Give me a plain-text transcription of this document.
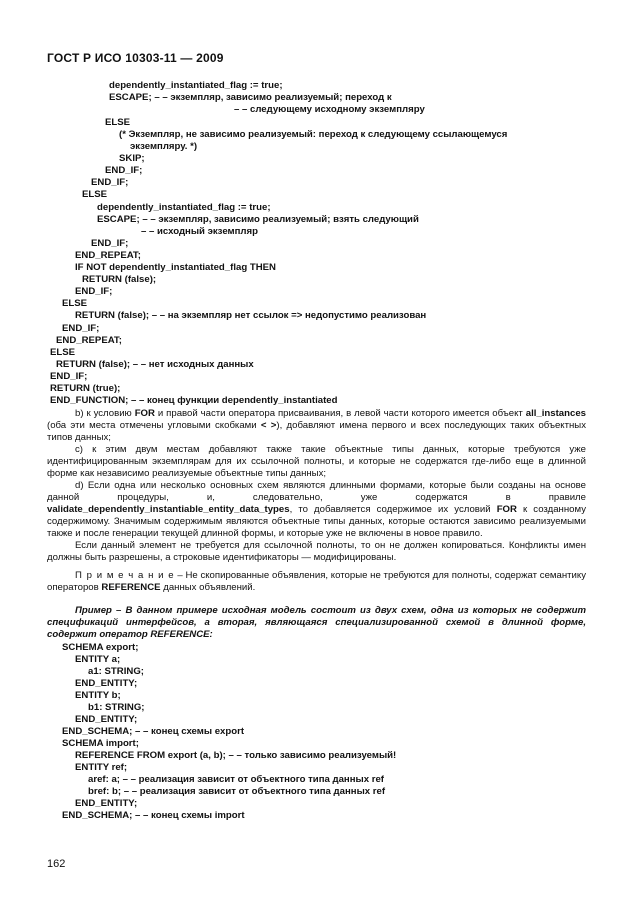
ГОСТ Р ИСО 10303-11 — 2009
dependently_instantiated_flag := true;
ESCAPE; – – экземпляр, зависимо реализуемый; переход к
– – следующему исходному экземпляру
ELSE
(* Экземпляр, не зависимо реализуемый: переход к следующему ссылающемуся
экземпляру. *)
SKIP;
END_IF;
END_IF;
ELSE
dependently_instantiated_flag := true;
ESCAPE; – – экземпляр, зависимо реализуемый; взять следующий
– – исходный экземпляр
END_IF;
END_REPEAT;
IF NOT dependently_instantiated_flag THEN
RETURN (false);
END_IF;
ELSE
RETURN (false); – – на экземпляр нет ссылок => недопустимо реализован
END_IF;
END_REPEAT;
ELSE
RETURN (false); – – нет исходных данных
END_IF;
RETURN (true);
END_FUNCTION; – – конец функции dependently_instantiated

b) к условию FOR и правой части оператора присваивания, в левой части которого имеется объект all_instances (оба эти места отмечены угловыми скобками < >), добавляют имена первого и всех последующих таких объектных типов данных;

c) к этим двум местам добавляют также такие объектные типы данных, которые требуются уже идентифицированным экземплярам для их ссылочной полноты, и которые не содержатся где-либо еще в длинной форме как независимо реализуемые объектные типы данных;

d) Если одна или несколько основных схем являются длинными формами, которые были созданы на основе данной процедуры, и, следовательно, уже содержатся в правиле validate_dependently_instantiable_entity_data_types, то добавляется содержимое их условий FOR к созданному содержимому. Значимым содержимым являются объектные типы данных, которые остаются зависимо реализуемыми также и после генерации текущей длинной формы, и которые уже не включены в новое правило.

Если данный элемент не требуется для ссылочной полноты, то он не должен копироваться. Конфликты имен должны быть разрешены, а строковые идентификаторы — модифицированы.

П р и м е ч а н и е – Не скопированные объявления, которые не требуются для полноты, содержат семантику операторов REFERENCE данных объявлений.

Пример – В данном примере исходная модель состоит из двух схем, одна из которых не содержит спецификаций интерфейсов, а вторая, являющаяся специализированной схемой в длинной форме, содержит оператор REFERENCE:

SCHEMA export;
ENTITY a;
a1: STRING;
END_ENTITY;
ENTITY b;
b1: STRING;
END_ENTITY;
END_SCHEMA; – – конец схемы export
SCHEMA import;
REFERENCE FROM export (a, b); – – только зависимо реализуемый!
ENTITY ref;
aref: a; – – реализация зависит от объектного типа данных ref
bref: b; – – реализация зависит от объектного типа данных ref
END_ENTITY;
END_SCHEMA; – – конец схемы import
162
